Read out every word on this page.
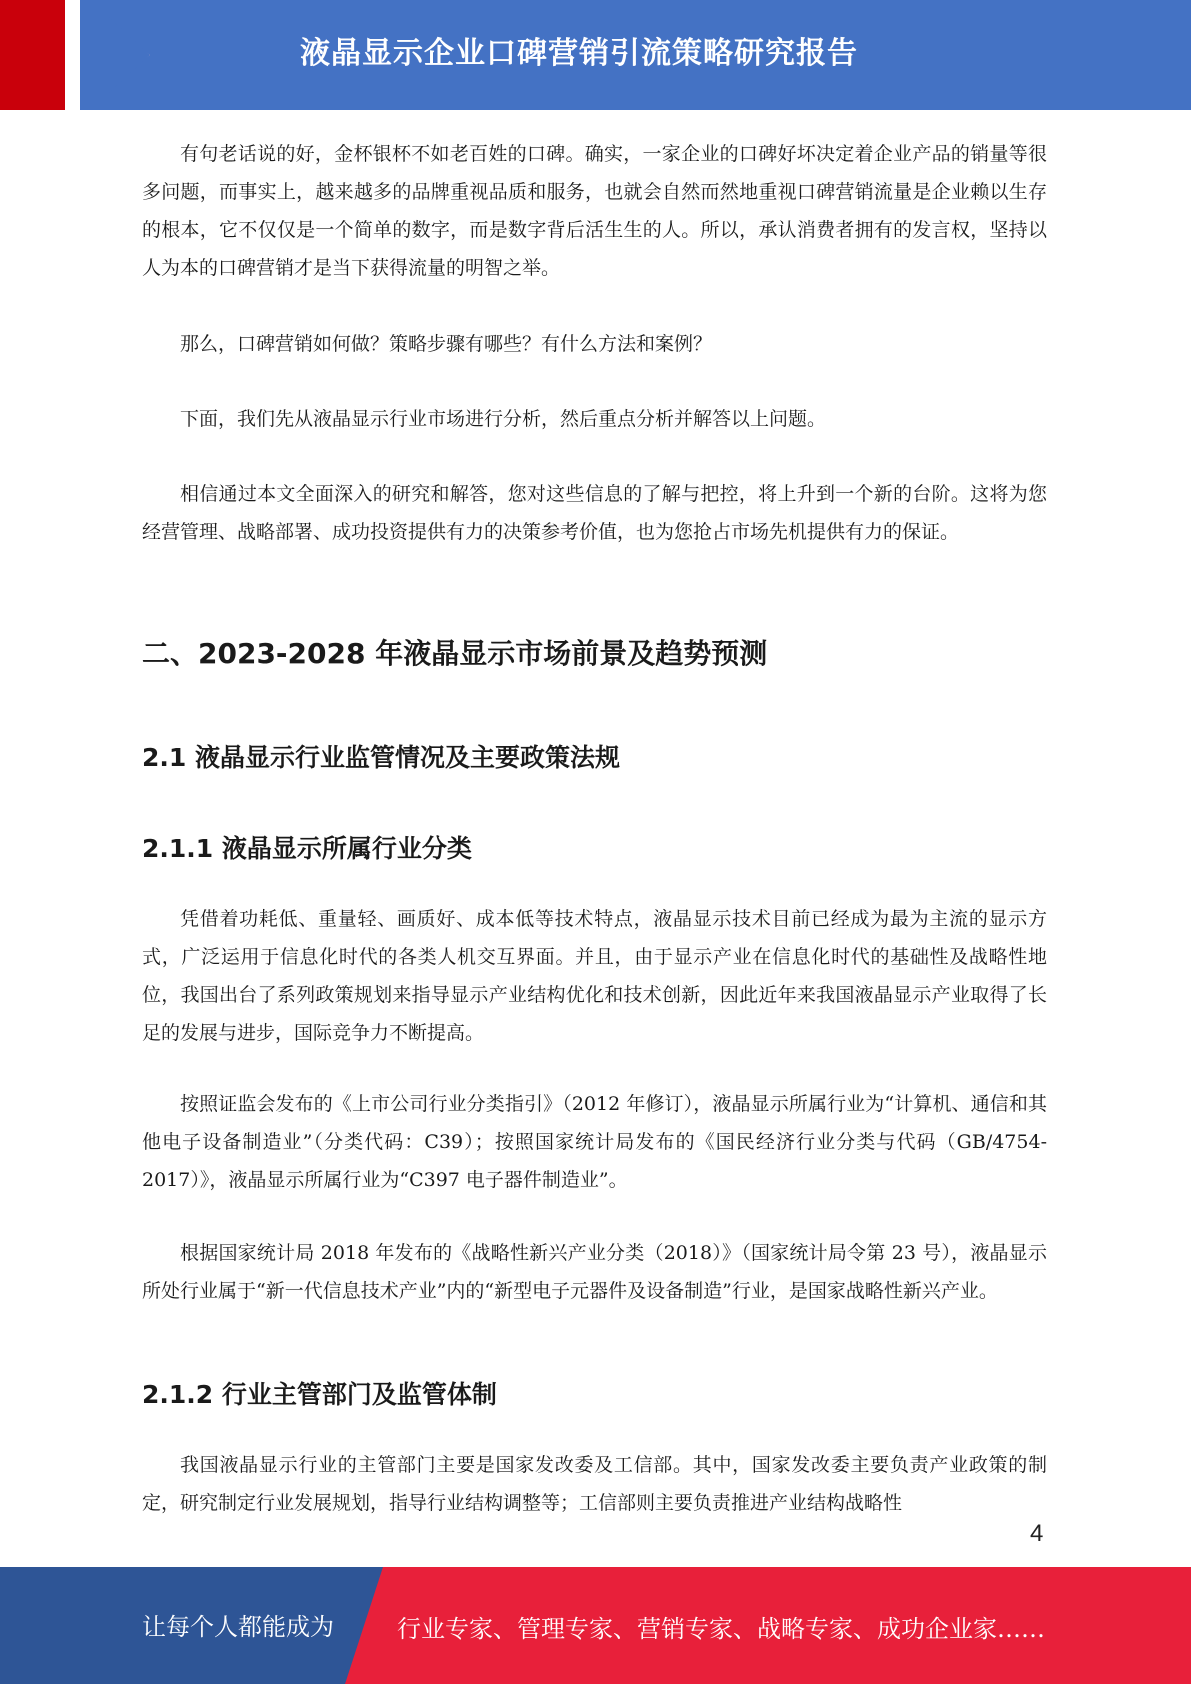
液晶显示企业口碑营销引流策略研究报告

有句老话说的好，金杯银杯不如老百姓的口碑。确实，一家企业的口碑好坏决定着企业产品的销量等很多问题，而事实上，越来越多的品牌重视品质和服务，也就会自然而然地重视口碑营销流量是企业赖以生存的根本，它不仅仅是一个简单的数字，而是数字背后活生生的人。所以，承认消费者拥有的发言权，坚持以人为本的口碑营销才是当下获得流量的明智之举。

那么，口碑营销如何做？策略步骤有哪些？有什么方法和案例？

下面，我们先从液晶显示行业市场进行分析，然后重点分析并解答以上问题。

相信通过本文全面深入的研究和解答，您对这些信息的了解与把控，将上升到一个新的台阶。这将为您经营管理、战略部署、成功投资提供有力的决策参考价值，也为您抢占市场先机提供有力的保证。

二、2023-2028 年液晶显示市场前景及趋势预测
2.1 液晶显示行业监管情况及主要政策法规
2.1.1 液晶显示所属行业分类

凭借着功耗低、重量轻、画质好、成本低等技术特点，液晶显示技术目前已经成为最为主流的显示方式，广泛运用于信息化时代的各类人机交互界面。并且，由于显示产业在信息化时代的基础性及战略性地位，我国出台了系列政策规划来指导显示产业结构优化和技术创新，因此近年来我国液晶显示产业取得了长足的发展与进步，国际竞争力不断提高。

按照证监会发布的《上市公司行业分类指引》（2012 年修订），液晶显示所属行业为“计算机、通信和其他电子设备制造业”（分类代码：C39）；按照国家统计局发布的《国民经济行业分类与代码（GB/4754-2017）》，液晶显示所属行业为“C397 电子器件制造业”。

根据国家统计局 2018 年发布的《战略性新兴产业分类（2018）》（国家统计局令第 23 号），液晶显示所处行业属于“新一代信息技术产业”内的“新型电子元器件及设备制造”行业，是国家战略性新兴产业。

2.1.2 行业主管部门及监管体制

我国液晶显示行业的主管部门主要是国家发改委及工信部。其中，国家发改委主要负责产业政策的制定，研究制定行业发展规划，指导行业结构调整等；工信部则主要负责推进产业结构战略性

4
让每个人都能成为	行业专家、管理专家、营销专家、战略专家、成功企业家……
